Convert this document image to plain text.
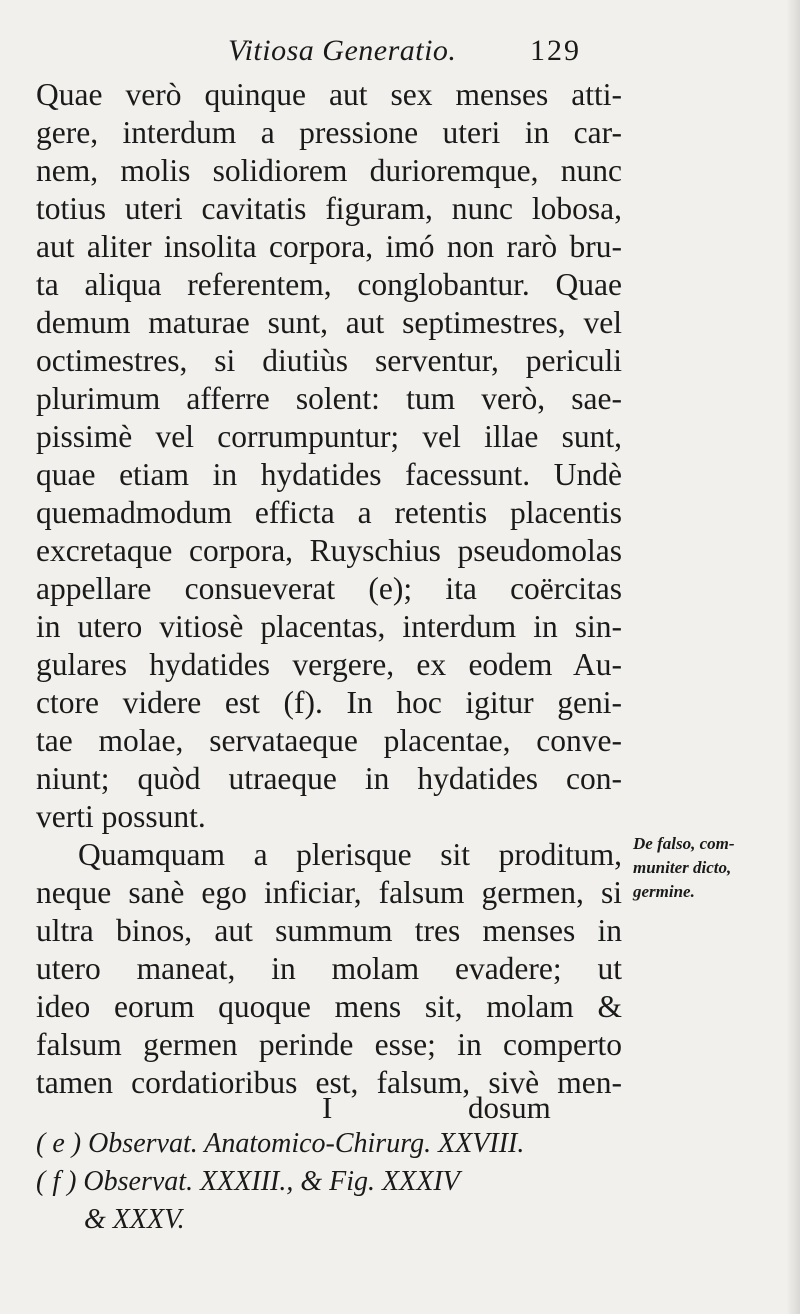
Vitiosa Generatio. 129
Quae verò quinque aut sex menses atti-
gere, interdum a pressione uteri in car-
nem, molis solidiorem durioremque, nunc
totius uteri cavitatis figuram, nunc lobosa,
aut aliter insolita corpora, imó non rarò bru-
ta aliqua referentem, conglobantur. Quae
demum maturae sunt, aut septimestres, vel
octimestres, si diutiùs serventur, periculi
plurimum afferre solent: tum verò, sae-
pissimè vel corrumpuntur; vel illae sunt,
quae etiam in hydatides facessunt. Undè
quemadmodum efficta a retentis placentis
excretaque corpora, Ruyschius pseudomolas
appellare consueverat (e); ita coërcitas
in utero vitiosè placentas, interdum in sin-
gulares hydatides vergere, ex eodem Au-
ctore videre est (f). In hoc igitur geni-
tae molae, servataeque placentae, conve-
niunt; quòd utraeque in hydatides con-
verti possunt.
Quamquam a plerisque sit proditum,
neque sanè ego inficiar, falsum germen, si
ultra binos, aut summum tres menses in
utero maneat, in molam evadere; ut
ideo eorum quoque mens sit, molam &
falsum germen perinde esse; in comperto
tamen cordatioribus est, falsum, sivè men-
De falso, com-
muniter dicto,
germine.
I	dosum
( e ) Observat. Anatomico-Chirurg. XXVIII.
( f ) Observat. XXXIII., & Fig. XXXIV
& XXXV.
